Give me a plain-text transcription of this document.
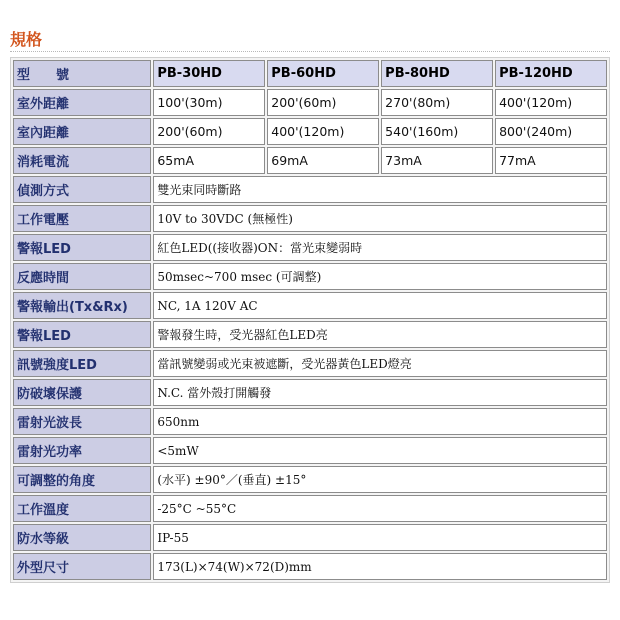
規格
型　　號	PB-30HD	PB-60HD	PB-80HD	PB-120HD
室外距離	100'(30m)	200'(60m)	270'(80m)	400'(120m)
室內距離	200'(60m)	400'(120m)	540'(160m)	800'(240m)
消耗電流	65mA	69mA	73mA	77mA
偵測方式	雙光束同時斷路			
工作電壓	10V to 30VDC (無極性)			
警報LED	紅色LED((接收器)ON：當光束變弱時			
反應時間	50msec~700 msec (可調整)			
警報輸出(Tx&Rx)	NC, 1A 120V AC			
警報LED	警報發生時，受光器紅色LED亮			
訊號強度LED	當訊號變弱或光束被遮斷，受光器黃色LED燈亮			
防破壞保護	N.C. 當外殼打開觸發			
雷射光波長	650nm			
雷射光功率	<5mW			
可調整的角度	(水平) ±90°／(垂直) ±15°			
工作溫度	-25°C ~55°C			
防水等級	IP-55			
外型尺寸	173(L)×74(W)×72(D)mm			
